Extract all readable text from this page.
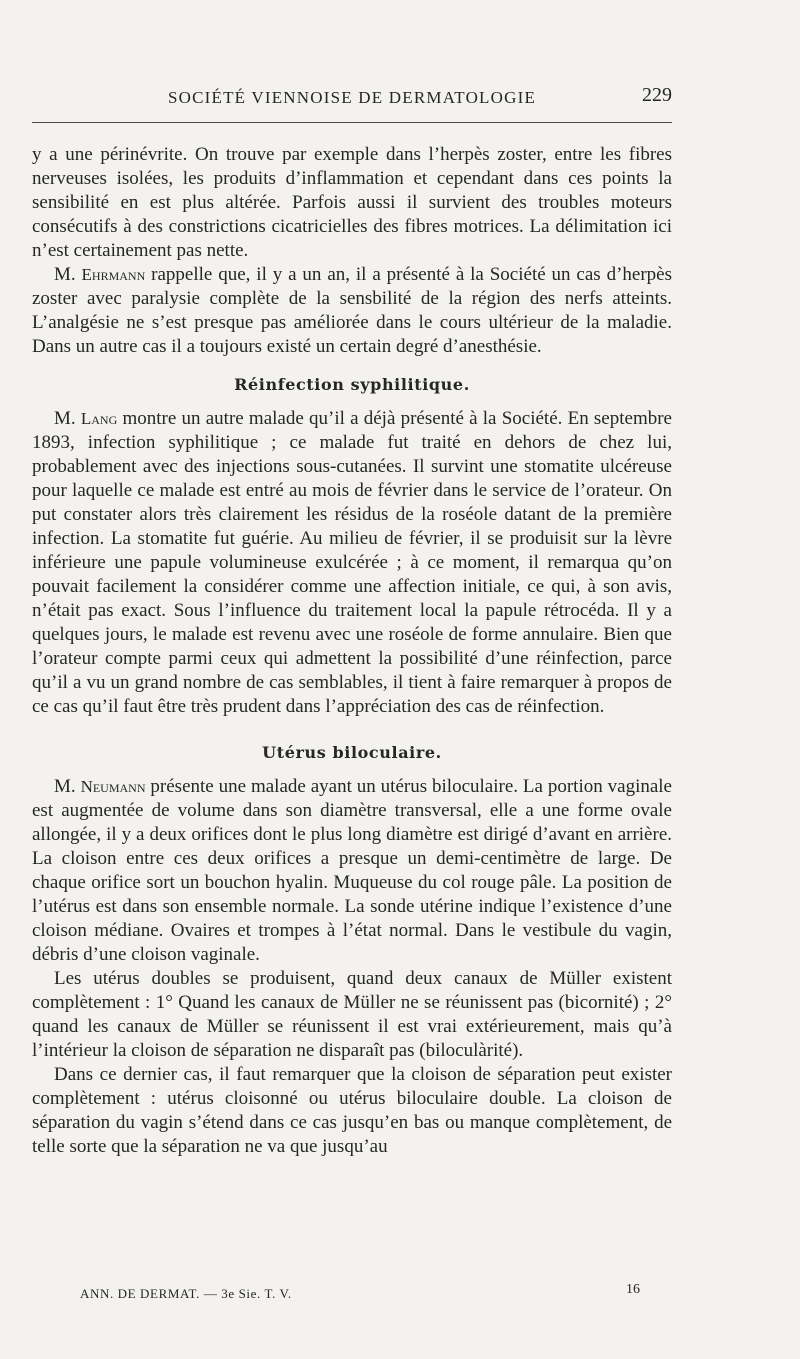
SOCIÉTÉ VIENNOISE DE DERMATOLOGIE	229

y a une périnévrite. On trouve par exemple dans l’herpès zoster, entre les fibres nerveuses isolées, les produits d’inflammation et cependant dans ces points la sensibilité en est plus altérée. Parfois aussi il survient des troubles moteurs consécutifs à des constrictions cicatricielles des fibres motrices. La délimitation ici n’est certainement pas nette.

M. Ehrmann rappelle que, il y a un an, il a présenté à la Société un cas d’herpès zoster avec paralysie complète de la sensbilité de la région des nerfs atteints. L’analgésie ne s’est presque pas améliorée dans le cours ultérieur de la maladie. Dans un autre cas il a toujours existé un certain degré d’anesthésie.

Réinfection syphilitique.

M. Lang montre un autre malade qu’il a déjà présenté à la Société. En septembre 1893, infection syphilitique ; ce malade fut traité en dehors de chez lui, probablement avec des injections sous-cutanées. Il survint une stomatite ulcéreuse pour laquelle ce malade est entré au mois de février dans le service de l’orateur. On put constater alors très clairement les résidus de la roséole datant de la première infection. La stomatite fut guérie. Au milieu de février, il se produisit sur la lèvre inférieure une papule volumineuse exulcérée ; à ce moment, il remarqua qu’on pouvait facilement la considérer comme une affection initiale, ce qui, à son avis, n’était pas exact. Sous l’influence du traitement local la papule rétrocéda. Il y a quelques jours, le malade est revenu avec une roséole de forme annulaire. Bien que l’orateur compte parmi ceux qui admettent la possibilité d’une réinfection, parce qu’il a vu un grand nombre de cas semblables, il tient à faire remarquer à propos de ce cas qu’il faut être très prudent dans l’appréciation des cas de réinfection.

Utérus biloculaire.

M. Neumann présente une malade ayant un utérus biloculaire. La portion vaginale est augmentée de volume dans son diamètre transversal, elle a une forme ovale allongée, il y a deux orifices dont le plus long diamètre est dirigé d’avant en arrière. La cloison entre ces deux orifices a presque un demi-centimètre de large. De chaque orifice sort un bouchon hyalin. Muqueuse du col rouge pâle. La position de l’utérus est dans son ensemble normale. La sonde utérine indique l’existence d’une cloison médiane. Ovaires et trompes à l’état normal. Dans le vestibule du vagin, débris d’une cloison vaginale.

Les utérus doubles se produisent, quand deux canaux de Müller existent complètement : 1° Quand les canaux de Müller ne se réunissent pas (bicornité) ; 2° quand les canaux de Müller se réunissent il est vrai extérieurement, mais qu’à l’intérieur la cloison de séparation ne disparaît pas (biloculàrité).

Dans ce dernier cas, il faut remarquer que la cloison de séparation peut exister complètement : utérus cloisonné ou utérus biloculaire double. La cloison de séparation du vagin s’étend dans ce cas jusqu’en bas ou manque complètement, de telle sorte que la séparation ne va que jusqu’au

ANN. DE DERMAT. — 3e Sie. T. V.	16
